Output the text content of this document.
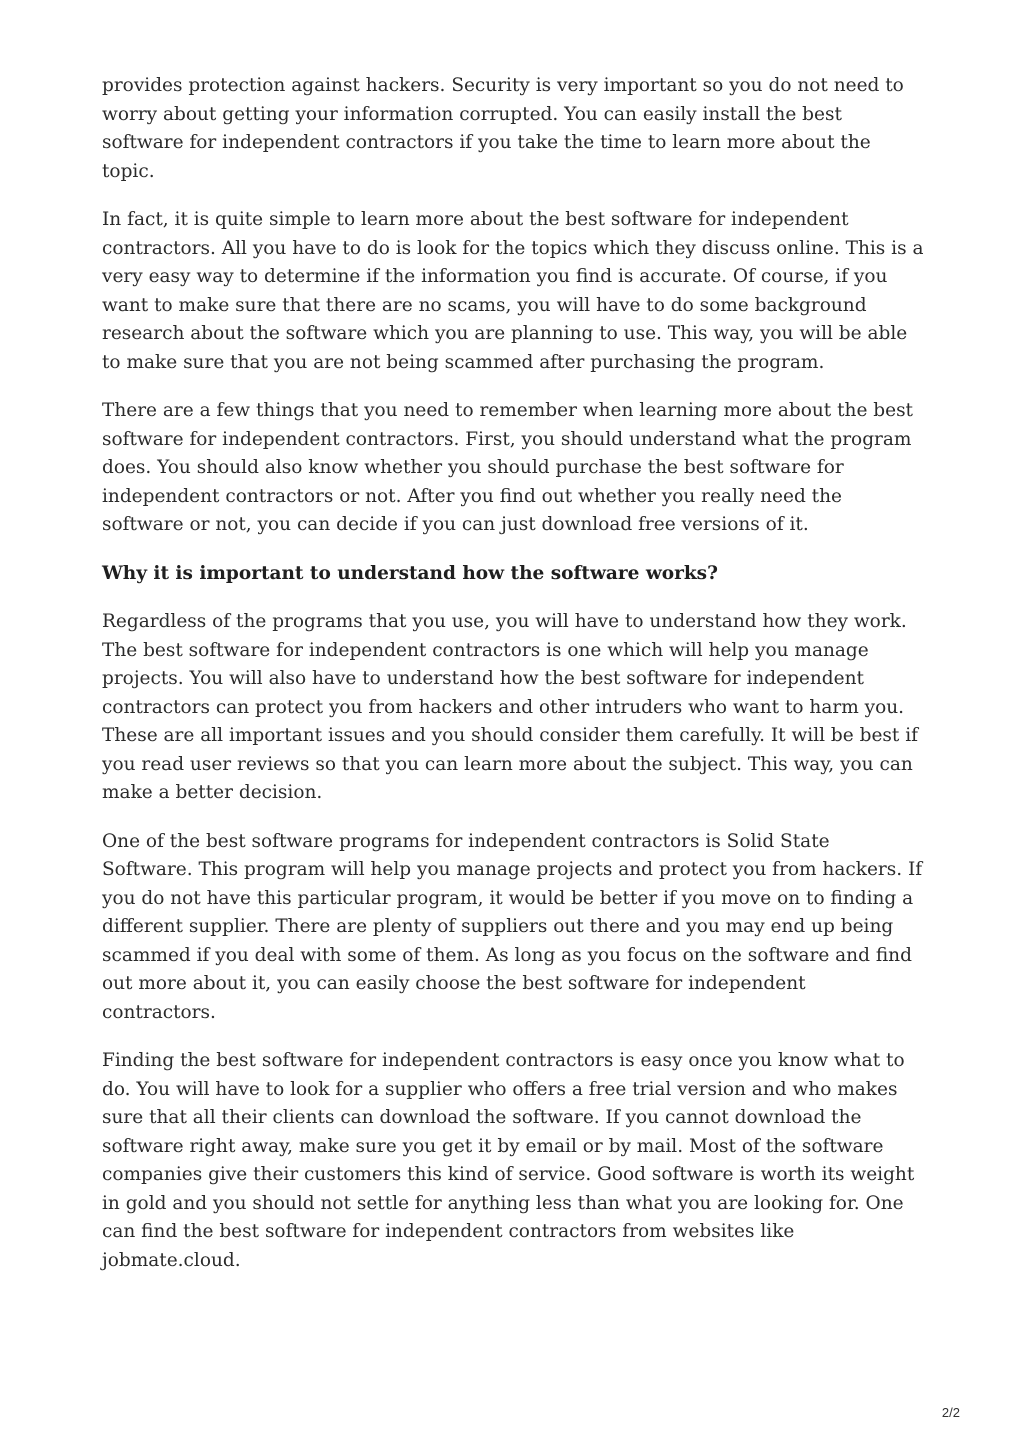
provides protection against hackers. Security is very important so you do not need to worry about getting your information corrupted. You can easily install the best software for independent contractors if you take the time to learn more about the topic.

In fact, it is quite simple to learn more about the best software for independent contractors. All you have to do is look for the topics which they discuss online. This is a very easy way to determine if the information you find is accurate. Of course, if you want to make sure that there are no scams, you will have to do some background research about the software which you are planning to use. This way, you will be able to make sure that you are not being scammed after purchasing the program.

There are a few things that you need to remember when learning more about the best software for independent contractors. First, you should understand what the program does. You should also know whether you should purchase the best software for independent contractors or not. After you find out whether you really need the software or not, you can decide if you can just download free versions of it.

Why it is important to understand how the software works?

Regardless of the programs that you use, you will have to understand how they work. The best software for independent contractors is one which will help you manage projects. You will also have to understand how the best software for independent contractors can protect you from hackers and other intruders who want to harm you. These are all important issues and you should consider them carefully. It will be best if you read user reviews so that you can learn more about the subject. This way, you can make a better decision.

One of the best software programs for independent contractors is Solid State Software. This program will help you manage projects and protect you from hackers. If you do not have this particular program, it would be better if you move on to finding a different supplier. There are plenty of suppliers out there and you may end up being scammed if you deal with some of them. As long as you focus on the software and find out more about it, you can easily choose the best software for independent contractors.

Finding the best software for independent contractors is easy once you know what to do. You will have to look for a supplier who offers a free trial version and who makes sure that all their clients can download the software. If you cannot download the software right away, make sure you get it by email or by mail. Most of the software companies give their customers this kind of service. Good software is worth its weight in gold and you should not settle for anything less than what you are looking for. One can find the best software for independent contractors from websites like jobmate.cloud.

2/2
